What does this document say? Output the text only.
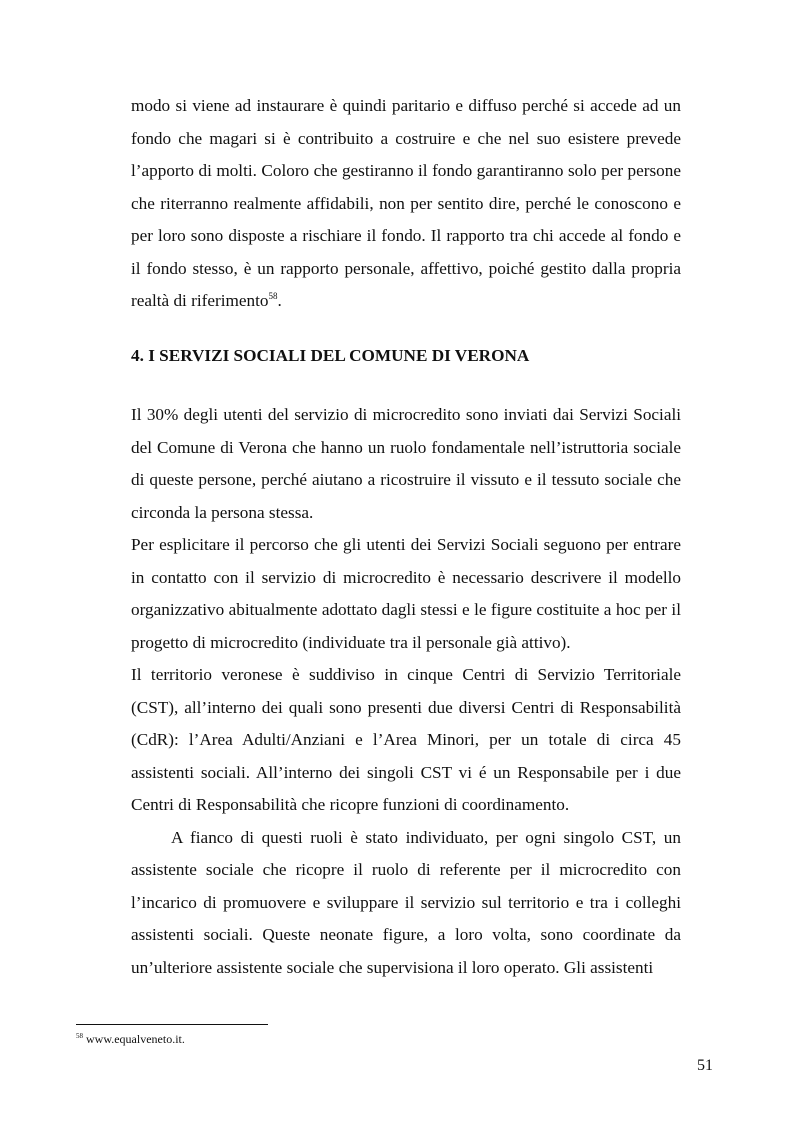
modo si viene ad instaurare è quindi paritario e diffuso perché si accede ad un fondo che magari si è contribuito a costruire e che nel suo esistere prevede l’apporto di molti. Coloro che gestiranno il fondo garantiranno solo per persone che riterranno realmente affidabili, non per sentito dire, perché le conoscono e per loro sono disposte a rischiare il fondo. Il rapporto tra chi accede al fondo e il fondo stesso, è un rapporto personale, affettivo, poiché gestito dalla propria realtà di riferimento$^{58}$.

4. I SERVIZI SOCIALI DEL COMUNE DI VERONA

Il 30% degli utenti del servizio di microcredito sono inviati dai Servizi Sociali del Comune di Verona che hanno un ruolo fondamentale nell’istruttoria sociale di queste persone, perché aiutano a ricostruire il vissuto e il tessuto sociale che circonda la persona stessa.

Per esplicitare il percorso che gli utenti dei Servizi Sociali seguono per entrare in contatto con il servizio di microcredito è necessario descrivere il modello organizzativo abitualmente adottato dagli stessi e le figure costituite a hoc per il progetto di microcredito (individuate tra il personale già attivo).

Il territorio veronese è suddiviso in cinque Centri di Servizio Territoriale (CST), all’interno dei quali sono presenti due diversi Centri di Responsabilità (CdR): l’Area Adulti/Anziani e l’Area Minori, per un totale di circa 45 assistenti sociali. All’interno dei singoli CST vi é un Responsabile per i due Centri di Responsabilità che ricopre funzioni di coordinamento.

A fianco di questi ruoli è stato individuato, per ogni singolo CST, un assistente sociale che ricopre il ruolo di referente per il microcredito con l’incarico di promuovere e sviluppare il servizio sul territorio e tra i colleghi assistenti sociali. Queste neonate figure, a loro volta, sono coordinate da un’ulteriore assistente sociale che supervisiona il loro operato. Gli assistenti

$^{58}$ www.equalveneto.it.
51
